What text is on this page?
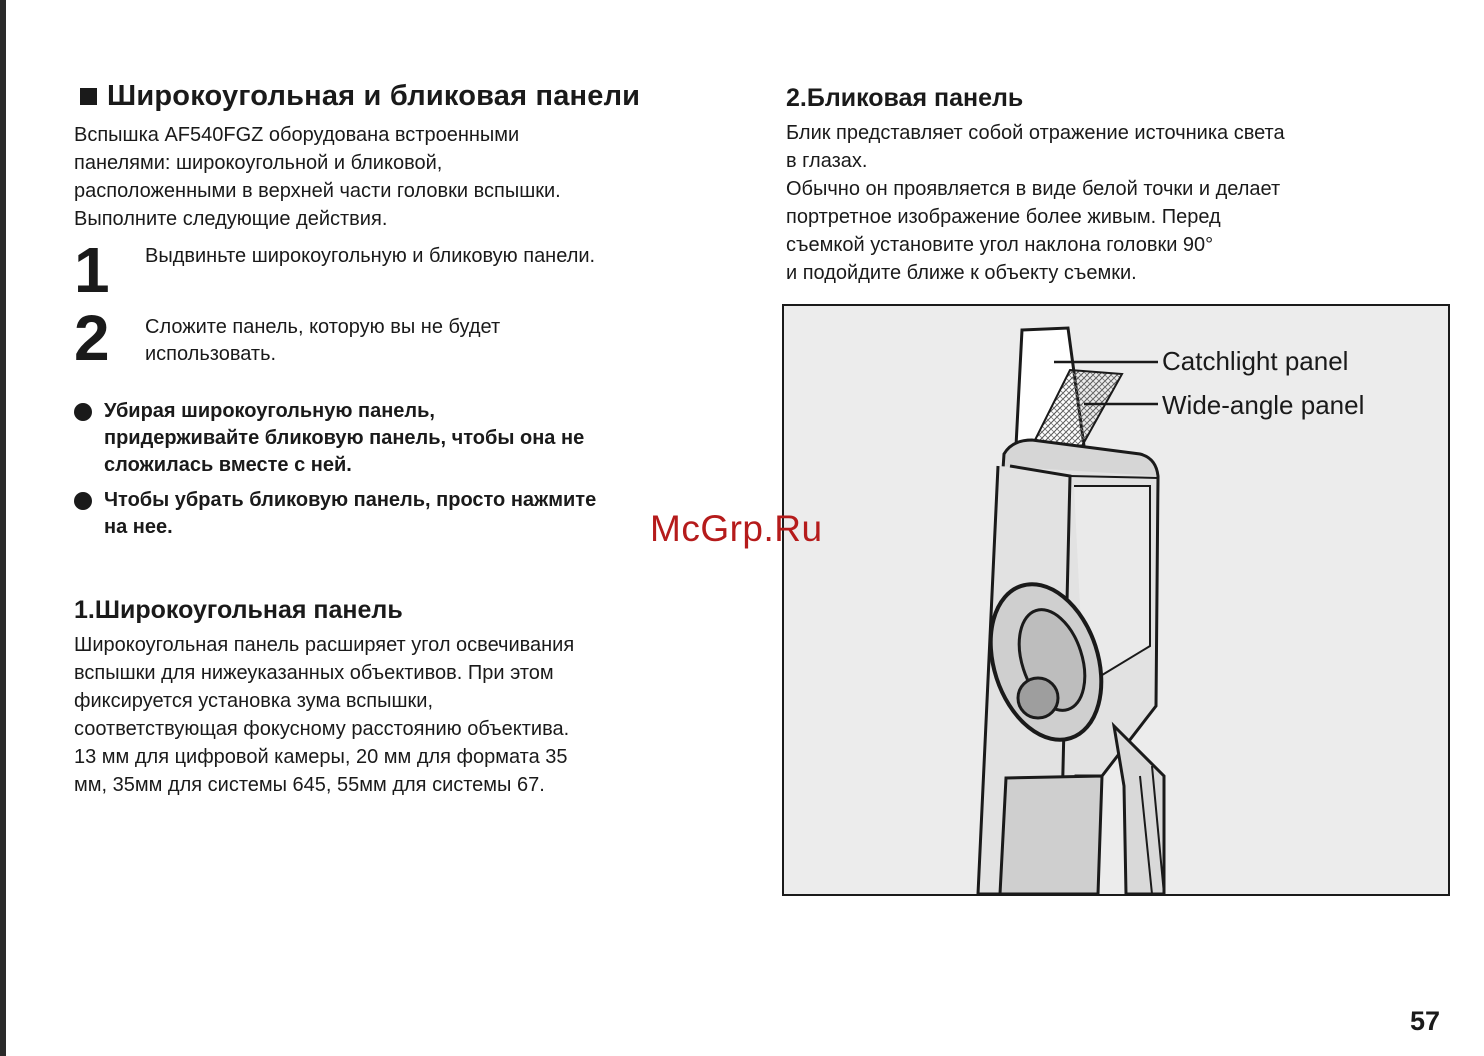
Широкоугольная и бликовая панели
Вспышка AF540FGZ оборудована встроенными
панелями: широкоугольной и бликовой,
расположенными в верхней части головки вспышки.
Выполните следующие действия.
1	Выдвиньте широкоугольную и бликовую панели.
2	Сложите панель, которую вы не будет
использовать.
Убирая широкоугольную панель,
придерживайте бликовую панель, чтобы она не
сложилась вместе с ней.
Чтобы убрать бликовую панель, просто нажмите
на нее.
1.Широкоугольная панель
Широкоугольная панель расширяет угол освечивания
вспышки для нижеуказанных объективов. При этом
фиксируется установка зума вспышки,
соответствующая фокусному расстоянию объектива.
13 мм для цифровой камеры, 20 мм для формата 35
мм, 35мм для системы 645, 55мм для системы 67.
2.Бликовая панель
Блик представляет собой отражение источника света
в глазах.
Обычно он проявляется в виде белой точки и делает
портретное изображение более живым. Перед
съемкой установите угол наклона головки 90°
и подойдите ближе к объекту съемки.
Catchlight panel
Wide-angle panel
McGrp.Ru
57
